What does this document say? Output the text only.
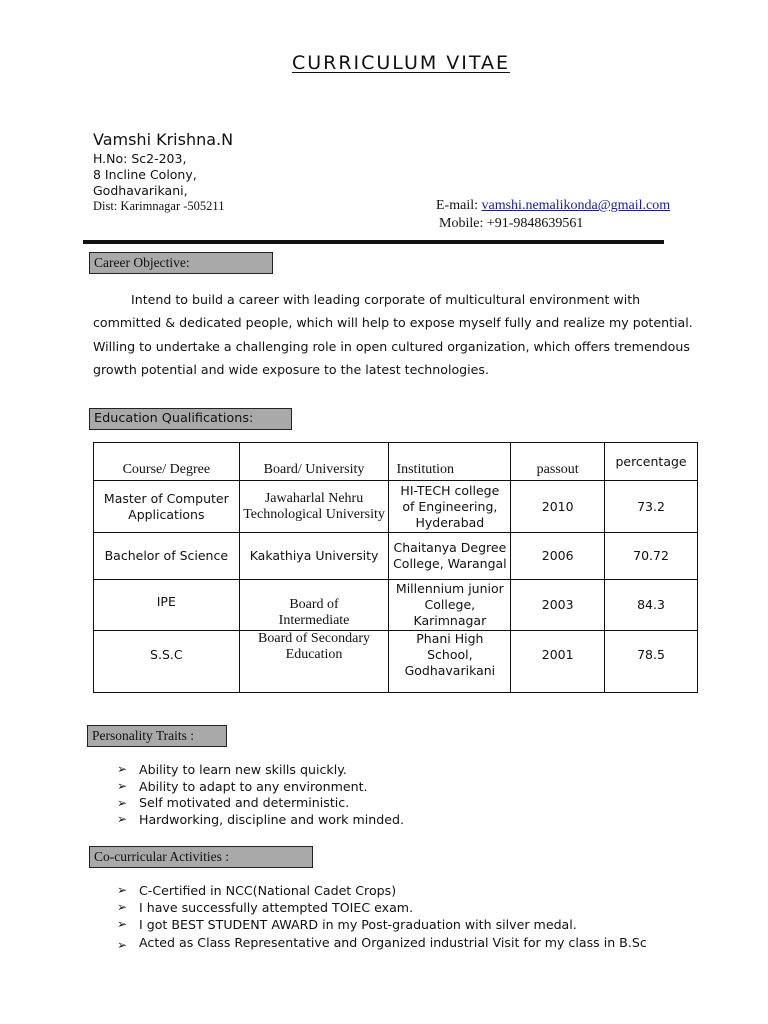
CURRICULUM VITAE
Vamshi Krishna.N
H.No: Sc2-203,
8 Incline Colony,
Godhavarikani,
Dist: Karimnagar -505211	E-mail: vamshi.nemalikonda@gmail.com
Mobile: +91-9848639561
Career Objective:
Intend to build a career with leading corporate of multicultural environment with
committed & dedicated people, which will help to expose myself fully and realize my potential.
Willing to undertake a challenging role in open cultured organization, which offers tremendous
growth potential and wide exposure to the latest technologies.
Education Qualifications:
Course/ Degree	Board/ University	Institution	passout	percentage
Master of Computer Applications	Jawaharlal Nehru Technological University	HI-TECH college of Engineering, Hyderabad	2010	73.2
Bachelor of Science	Kakathiya University	Chaitanya Degree College, Warangal	2006	70.72
IPE	Board of Intermediate	Millennium junior College, Karimnagar	2003	84.3
S.S.C	Board of Secondary Education	Phani High School, Godhavarikani	2001	78.5
Personality Traits :
➢ Ability to learn new skills quickly.
➢ Ability to adapt to any environment.
➢ Self motivated and deterministic.
➢ Hardworking, discipline and work minded.
Co-curricular Activities :
➢ C-Certified in NCC(National Cadet Crops)
➢ I have successfully attempted TOIEC exam.
➢ I got BEST STUDENT AWARD in my Post-graduation with silver medal.
➢ Acted as Class Representative and Organized industrial Visit for my class in B.Sc
